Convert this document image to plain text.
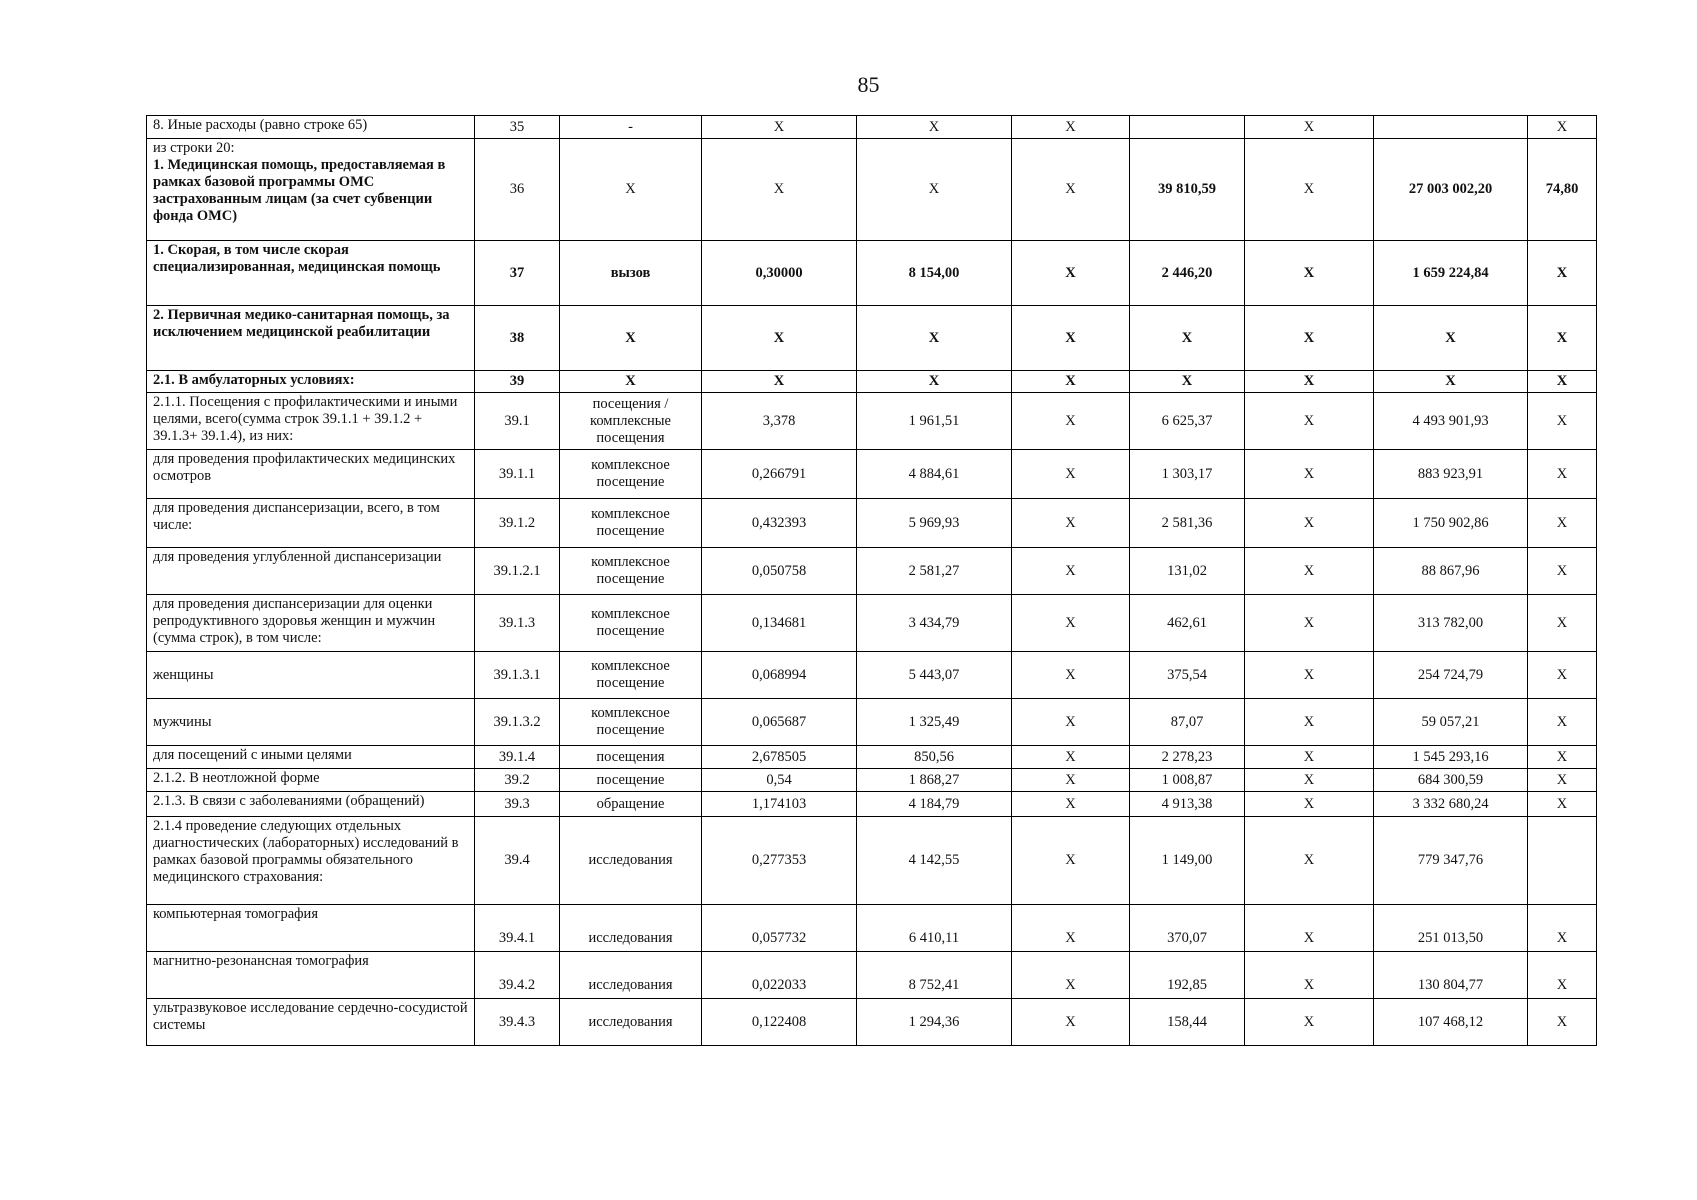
85
8. Иные расходы (равно строке 65)	35	-	X	X	X		X		X

из строки 20:
1. Медицинская помощь, предоставляемая в рамках базовой программы ОМС застрахованным лицам (за счет субвенции фонда ОМС)	36	X	X	X	X	39 810,59	X	27 003 002,20	74,80

1. Скорая, в том числе скорая специализированная, медицинская помощь	37	вызов	0,30000	8 154,00	X	2 446,20	X	1 659 224,84	X

2. Первичная медико-санитарная помощь, за исключением медицинской реабилитации	38	X	X	X	X	X	X	X	X

2.1. В амбулаторных условиях:	39	X	X	X	X	X	X	X	X

2.1.1. Посещения с профилактическими и иными целями, всего(сумма строк 39.1.1 + 39.1.2 + 39.1.3+ 39.1.4), из них:	39.1	посещения / комплексные посещения	3,378	1 961,51	X	6 625,37	X	4 493 901,93	X

для проведения профилактических медицинских осмотров	39.1.1	комплексное посещение	0,266791	4 884,61	X	1 303,17	X	883 923,91	X

для проведения диспансеризации, всего, в том числе:	39.1.2	комплексное посещение	0,432393	5 969,93	X	2 581,36	X	1 750 902,86	X

для проведения углубленной диспансеризации	39.1.2.1	комплексное посещение	0,050758	2 581,27	X	131,02	X	88 867,96	X

для проведения диспансеризации для оценки репродуктивного здоровья женщин и мужчин (сумма строк), в том числе:	39.1.3	комплексное посещение	0,134681	3 434,79	X	462,61	X	313 782,00	X

женщины	39.1.3.1	комплексное посещение	0,068994	5 443,07	X	375,54	X	254 724,79	X

мужчины	39.1.3.2	комплексное посещение	0,065687	1 325,49	X	87,07	X	59 057,21	X

для посещений с иными целями	39.1.4	посещения	2,678505	850,56	X	2 278,23	X	1 545 293,16	X

2.1.2. В неотложной форме	39.2	посещение	0,54	1 868,27	X	1 008,87	X	684 300,59	X

2.1.3. В связи с заболеваниями (обращений)	39.3	обращение	1,174103	4 184,79	X	4 913,38	X	3 332 680,24	X

2.1.4 проведение следующих отдельных диагностических (лабораторных) исследований в рамках базовой программы обязательного медицинского страхования:	39.4	исследования	0,277353	4 142,55	X	1 149,00	X	779 347,76	

компьютерная томография	39.4.1	исследования	0,057732	6 410,11	X	370,07	X	251 013,50	X

магнитно-резонансная томография	39.4.2	исследования	0,022033	8 752,41	X	192,85	X	130 804,77	X

ультразвуковое исследование сердечно-сосудистой системы	39.4.3	исследования	0,122408	1 294,36	X	158,44	X	107 468,12	X
